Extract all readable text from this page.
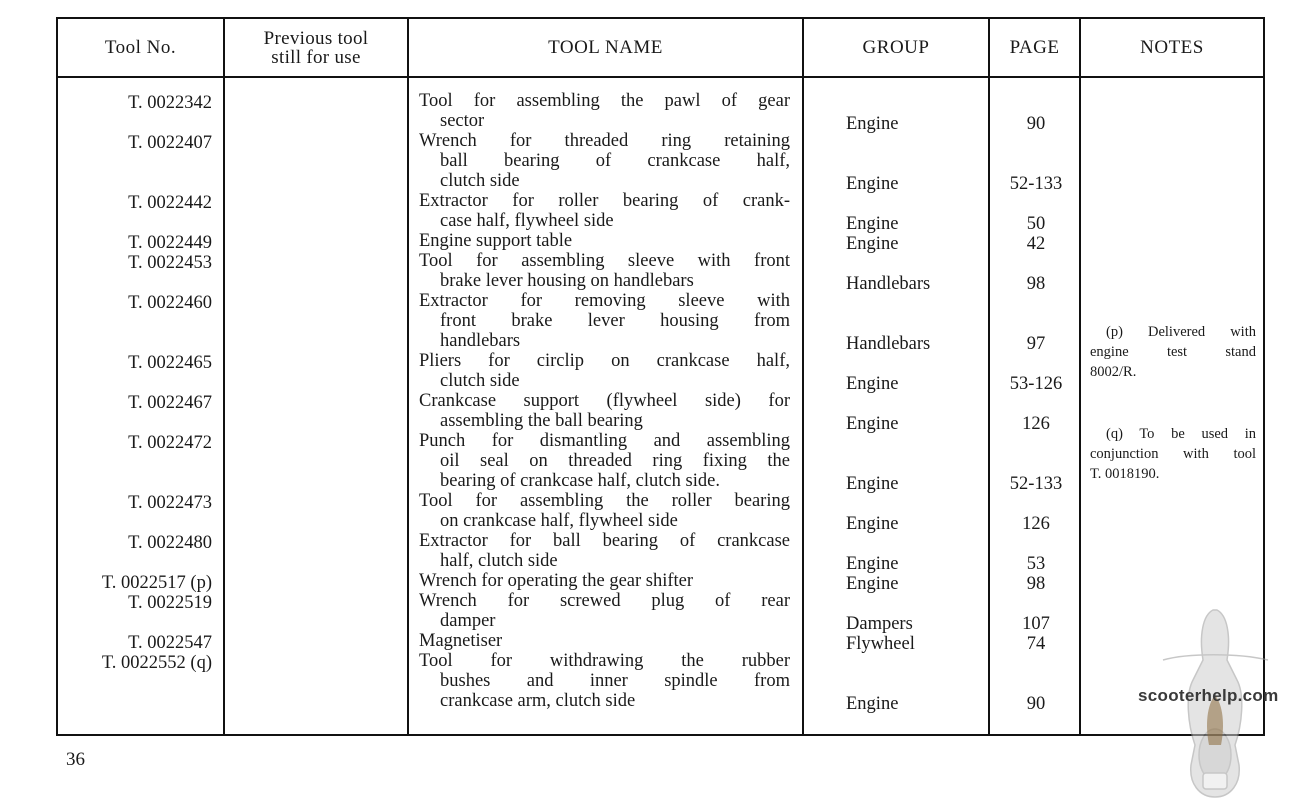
Tool No.	Previous tool
still for use	TOOL NAME	GROUP	PAGE	NOTES
T. 0022342	Tool for assembling the pawl of gear
sector	Engine	90
T. 0022407	Wrench for threaded ring retaining
ball bearing of crankcase half,
clutch side	Engine	52-133
T. 0022442	Extractor for roller bearing of crank-
case half, flywheel side	Engine	50
T. 0022449	Engine support table	Engine	42
T. 0022453	Tool for assembling sleeve with front
brake lever housing on handlebars	Handlebars	98
T. 0022460	Extractor for removing sleeve with
front brake lever housing from
handlebars	Handlebars	97
T. 0022465	Pliers for circlip on crankcase half,
clutch side	Engine	53-126
T. 0022467	Crankcase support (flywheel side) for
assembling the ball bearing	Engine	126
T. 0022472	Punch for dismantling and assembling
oil seal on threaded ring fixing the
bearing of crankcase half, clutch side.	Engine	52-133
T. 0022473	Tool for assembling the roller bearing
on crankcase half, flywheel side	Engine	126
T. 0022480	Extractor for ball bearing of crankcase
half, clutch side	Engine	53
T. 0022517 (p)	Wrench for operating the gear shifter	Engine	98
T. 0022519	Wrench for screwed plug of rear
damper	Dampers	107
T. 0022547	Magnetiser	Flywheel	74
T. 0022552 (q)	Tool for withdrawing the rubber
bushes and inner spindle from
crankcase arm, clutch side	Engine	90
(p) Delivered with
engine test stand
8002/R.
(q) To be used in
conjunction with tool
T. 0018190.
36
scooterhelp.com
